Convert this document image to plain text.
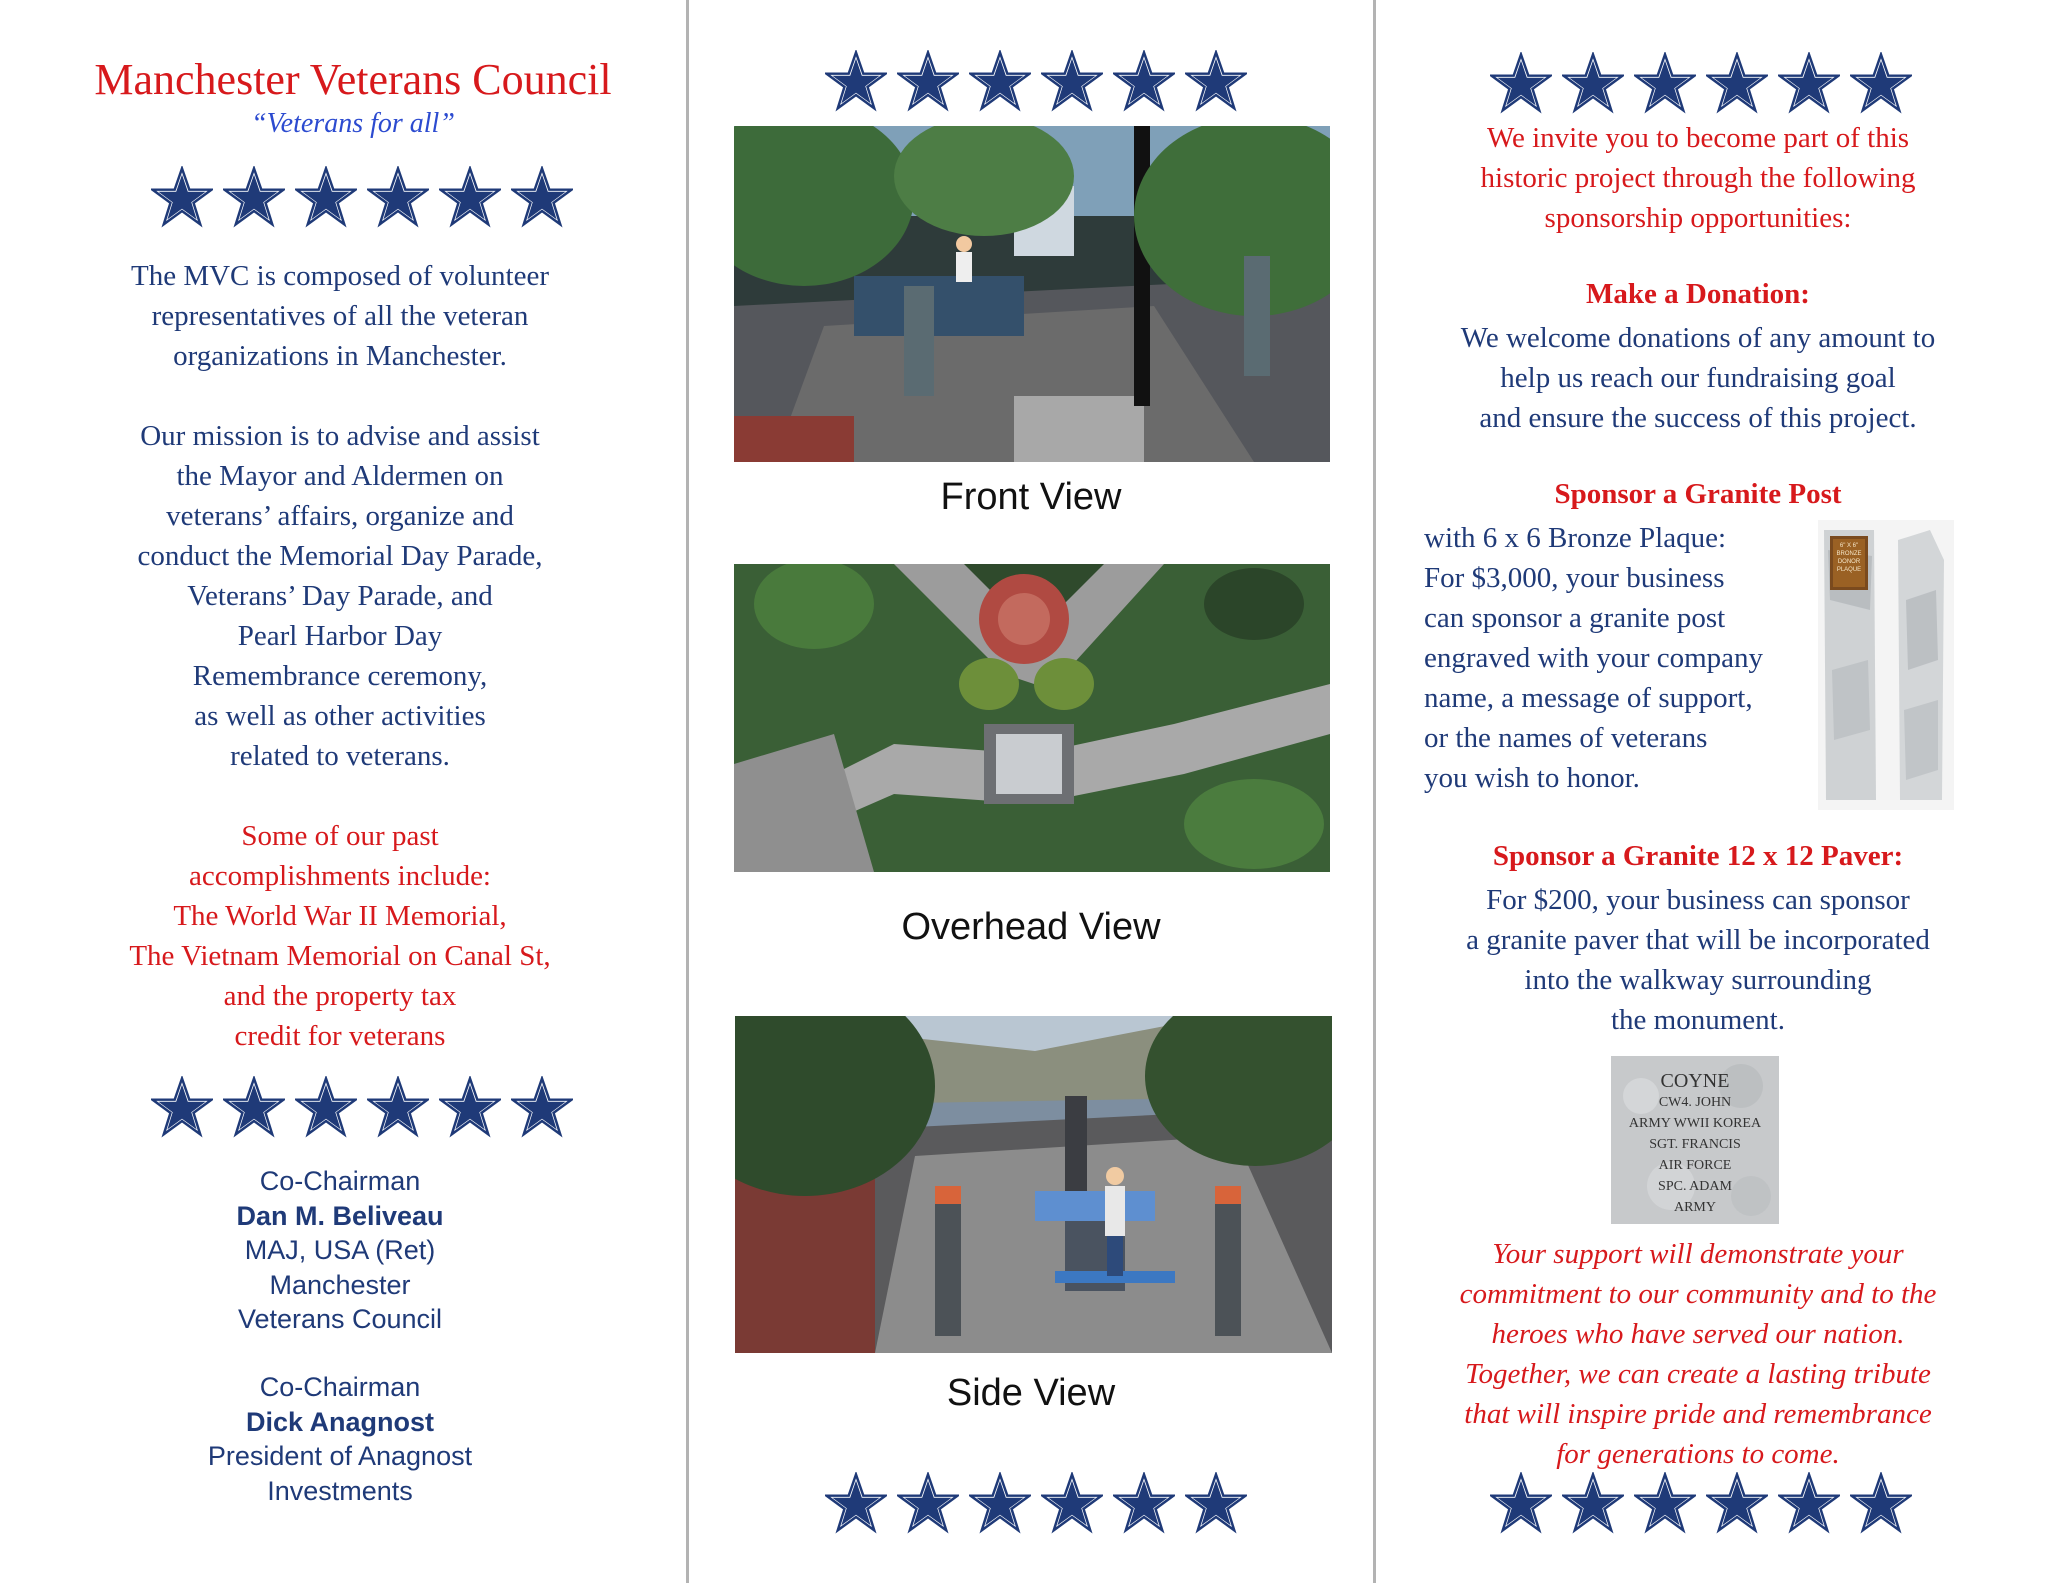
Manchester Veterans Council
“Veterans for all”
The MVC is composed of volunteer
representatives of all the veteran
organizations in Manchester.
Our mission is to advise and assist
the Mayor and Aldermen on
veterans’ affairs, organize and
conduct the Memorial Day Parade,
Veterans’ Day Parade, and
Pearl Harbor Day
Remembrance ceremony,
as well as other activities
related to veterans.
Some of our past
accomplishments include:
The World War II Memorial,
The Vietnam Memorial on Canal St,
and the property tax
credit for veterans
Co-Chairman
Dan M. Beliveau
MAJ, USA (Ret)
Manchester
Veterans Council
Co-Chairman
Dick Anagnost
President of Anagnost
Investments
Front View
Overhead View
Side View
We invite you to become part of this
historic project through the following
sponsorship opportunities:
Make a Donation:
We welcome donations of any amount to
help us reach our fundraising goal
and ensure the success of this project.
Sponsor a Granite Post
with 6 x 6 Bronze Plaque:
For $3,000, your business
can sponsor a granite post
engraved with your company
name, a message of support,
or the names of veterans
you wish to honor.
6" X 6"
BRONZE
DONOR
PLAQUE
Sponsor a Granite 12 x 12 Paver:
For $200, your business can sponsor
a granite paver that will be incorporated
into the walkway surrounding
the monument.
COYNE
CW4. JOHN
ARMY WWII KOREA
SGT. FRANCIS
AIR FORCE
SPC. ADAM
ARMY
Your support will demonstrate your
commitment to our community and to the
heroes who have served our nation.
Together, we can create a lasting tribute
that will inspire pride and remembrance
for generations to come.
